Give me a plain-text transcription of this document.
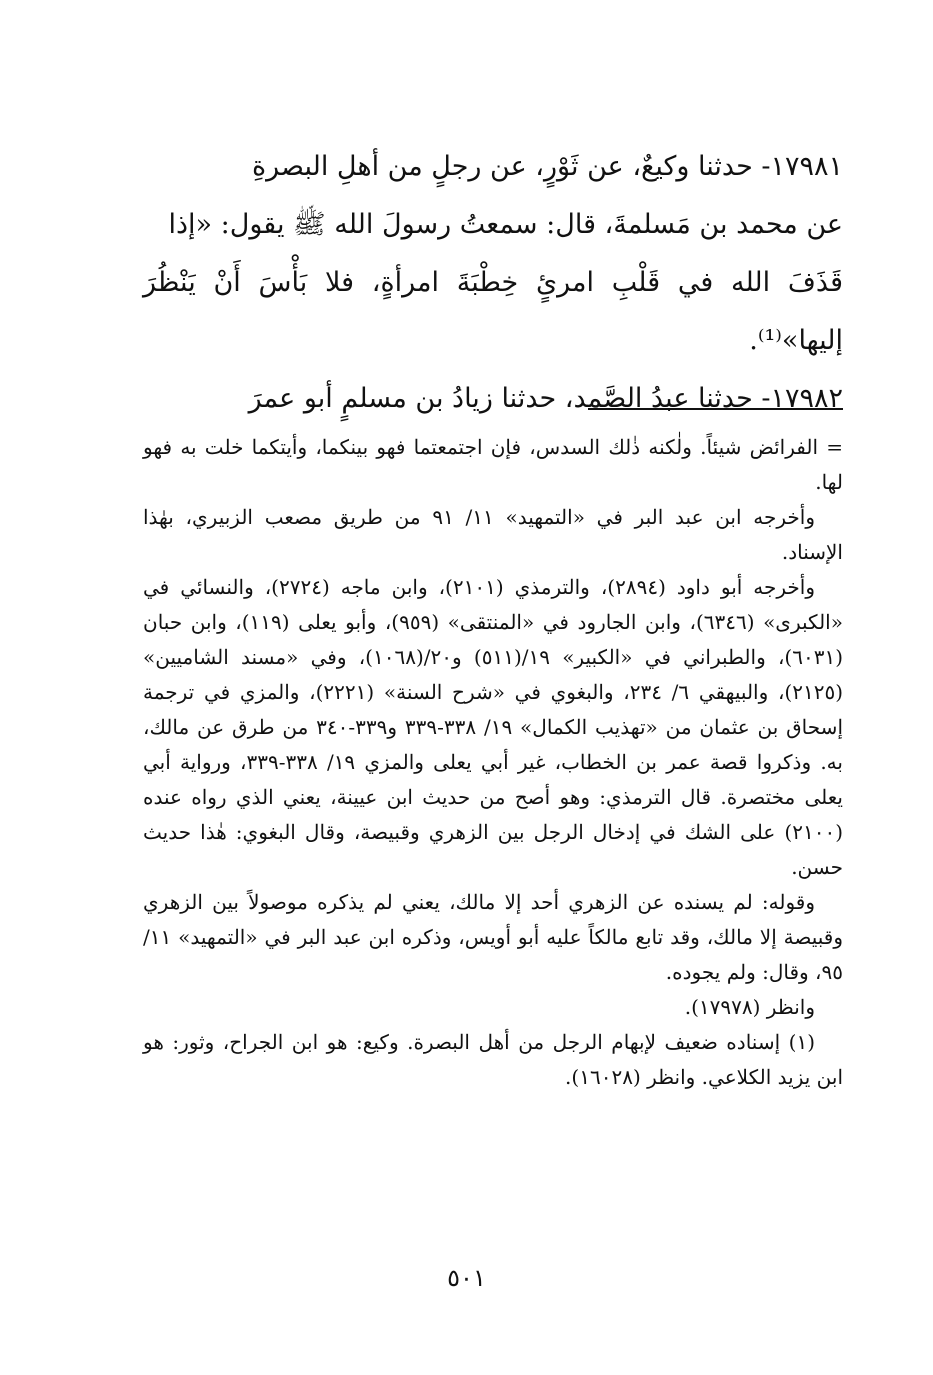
١٧٩٨١- حدثنا وكيعٌ، عن ثَوْرٍ، عن رجلٍ من أهلِ البصرةِ

عن محمد بن مَسلمةَ، قال: سمعتُ رسولَ الله ﷺ يقول: «إذا

قَذَفَ الله في قَلْبِ امرئٍ خِطْبَةَ امرأةٍ، فلا بَأْسَ أَنْ يَنْظُرَ إليها»⁽¹⁾.

١٧٩٨٢- حدثنا عبدُ الصَّمد، حدثنا زيادُ بن مسلمٍ أبو عمرَ

= الفرائض شيئاً. ولٰكنه ذٰلك السدس، فإن اجتمعتما فهو بينكما، وأيتكما خلت به فهو لها.

وأخرجه ابن عبد البر في «التمهيد» ١١/ ٩١ من طريق مصعب الزبيري، بهٰذا الإسناد.

وأخرجه أبو داود (٢٨٩٤)، والترمذي (٢١٠١)، وابن ماجه (٢٧٢٤)، والنسائي في «الكبرى» (٦٣٤٦)، وابن الجارود في «المنتقى» (٩٥٩)، وأبو يعلى (١١٩)، وابن حبان (٦٠٣١)، والطبراني في «الكبير» ١٩/(٥١١) و٢٠/(١٠٦٨)، وفي «مسند الشاميين» (٢١٢٥)، والبيهقي ٦/ ٢٣٤، والبغوي في «شرح السنة» (٢٢٢١)، والمزي في ترجمة إسحاق بن عثمان من «تهذيب الكمال» ١٩/ ٣٣٨-٣٣٩ و٣٣٩-٣٤٠ من طرق عن مالك، به. وذكروا قصة عمر بن الخطاب، غير أبي يعلى والمزي ١٩/ ٣٣٨-٣٣٩، ورواية أبي يعلى مختصرة. قال الترمذي: وهو أصح من حديث ابن عيينة، يعني الذي رواه عنده (٢١٠٠) على الشك في إدخال الرجل بين الزهري وقبيصة، وقال البغوي: هٰذا حديث حسن.

وقوله: لم يسنده عن الزهري أحد إلا مالك، يعني لم يذكره موصولاً بين الزهري وقبيصة إلا مالك، وقد تابع مالكاً عليه أبو أويس، وذكره ابن عبد البر في «التمهيد» ١١/ ٩٥، وقال: ولم يجوده.

وانظر (١٧٩٧٨).

(١) إسناده ضعيف لإبهام الرجل من أهل البصرة. وكيع: هو ابن الجراح، وثور: هو ابن يزيد الكلاعي. وانظر (١٦٠٢٨).

٥٠١
